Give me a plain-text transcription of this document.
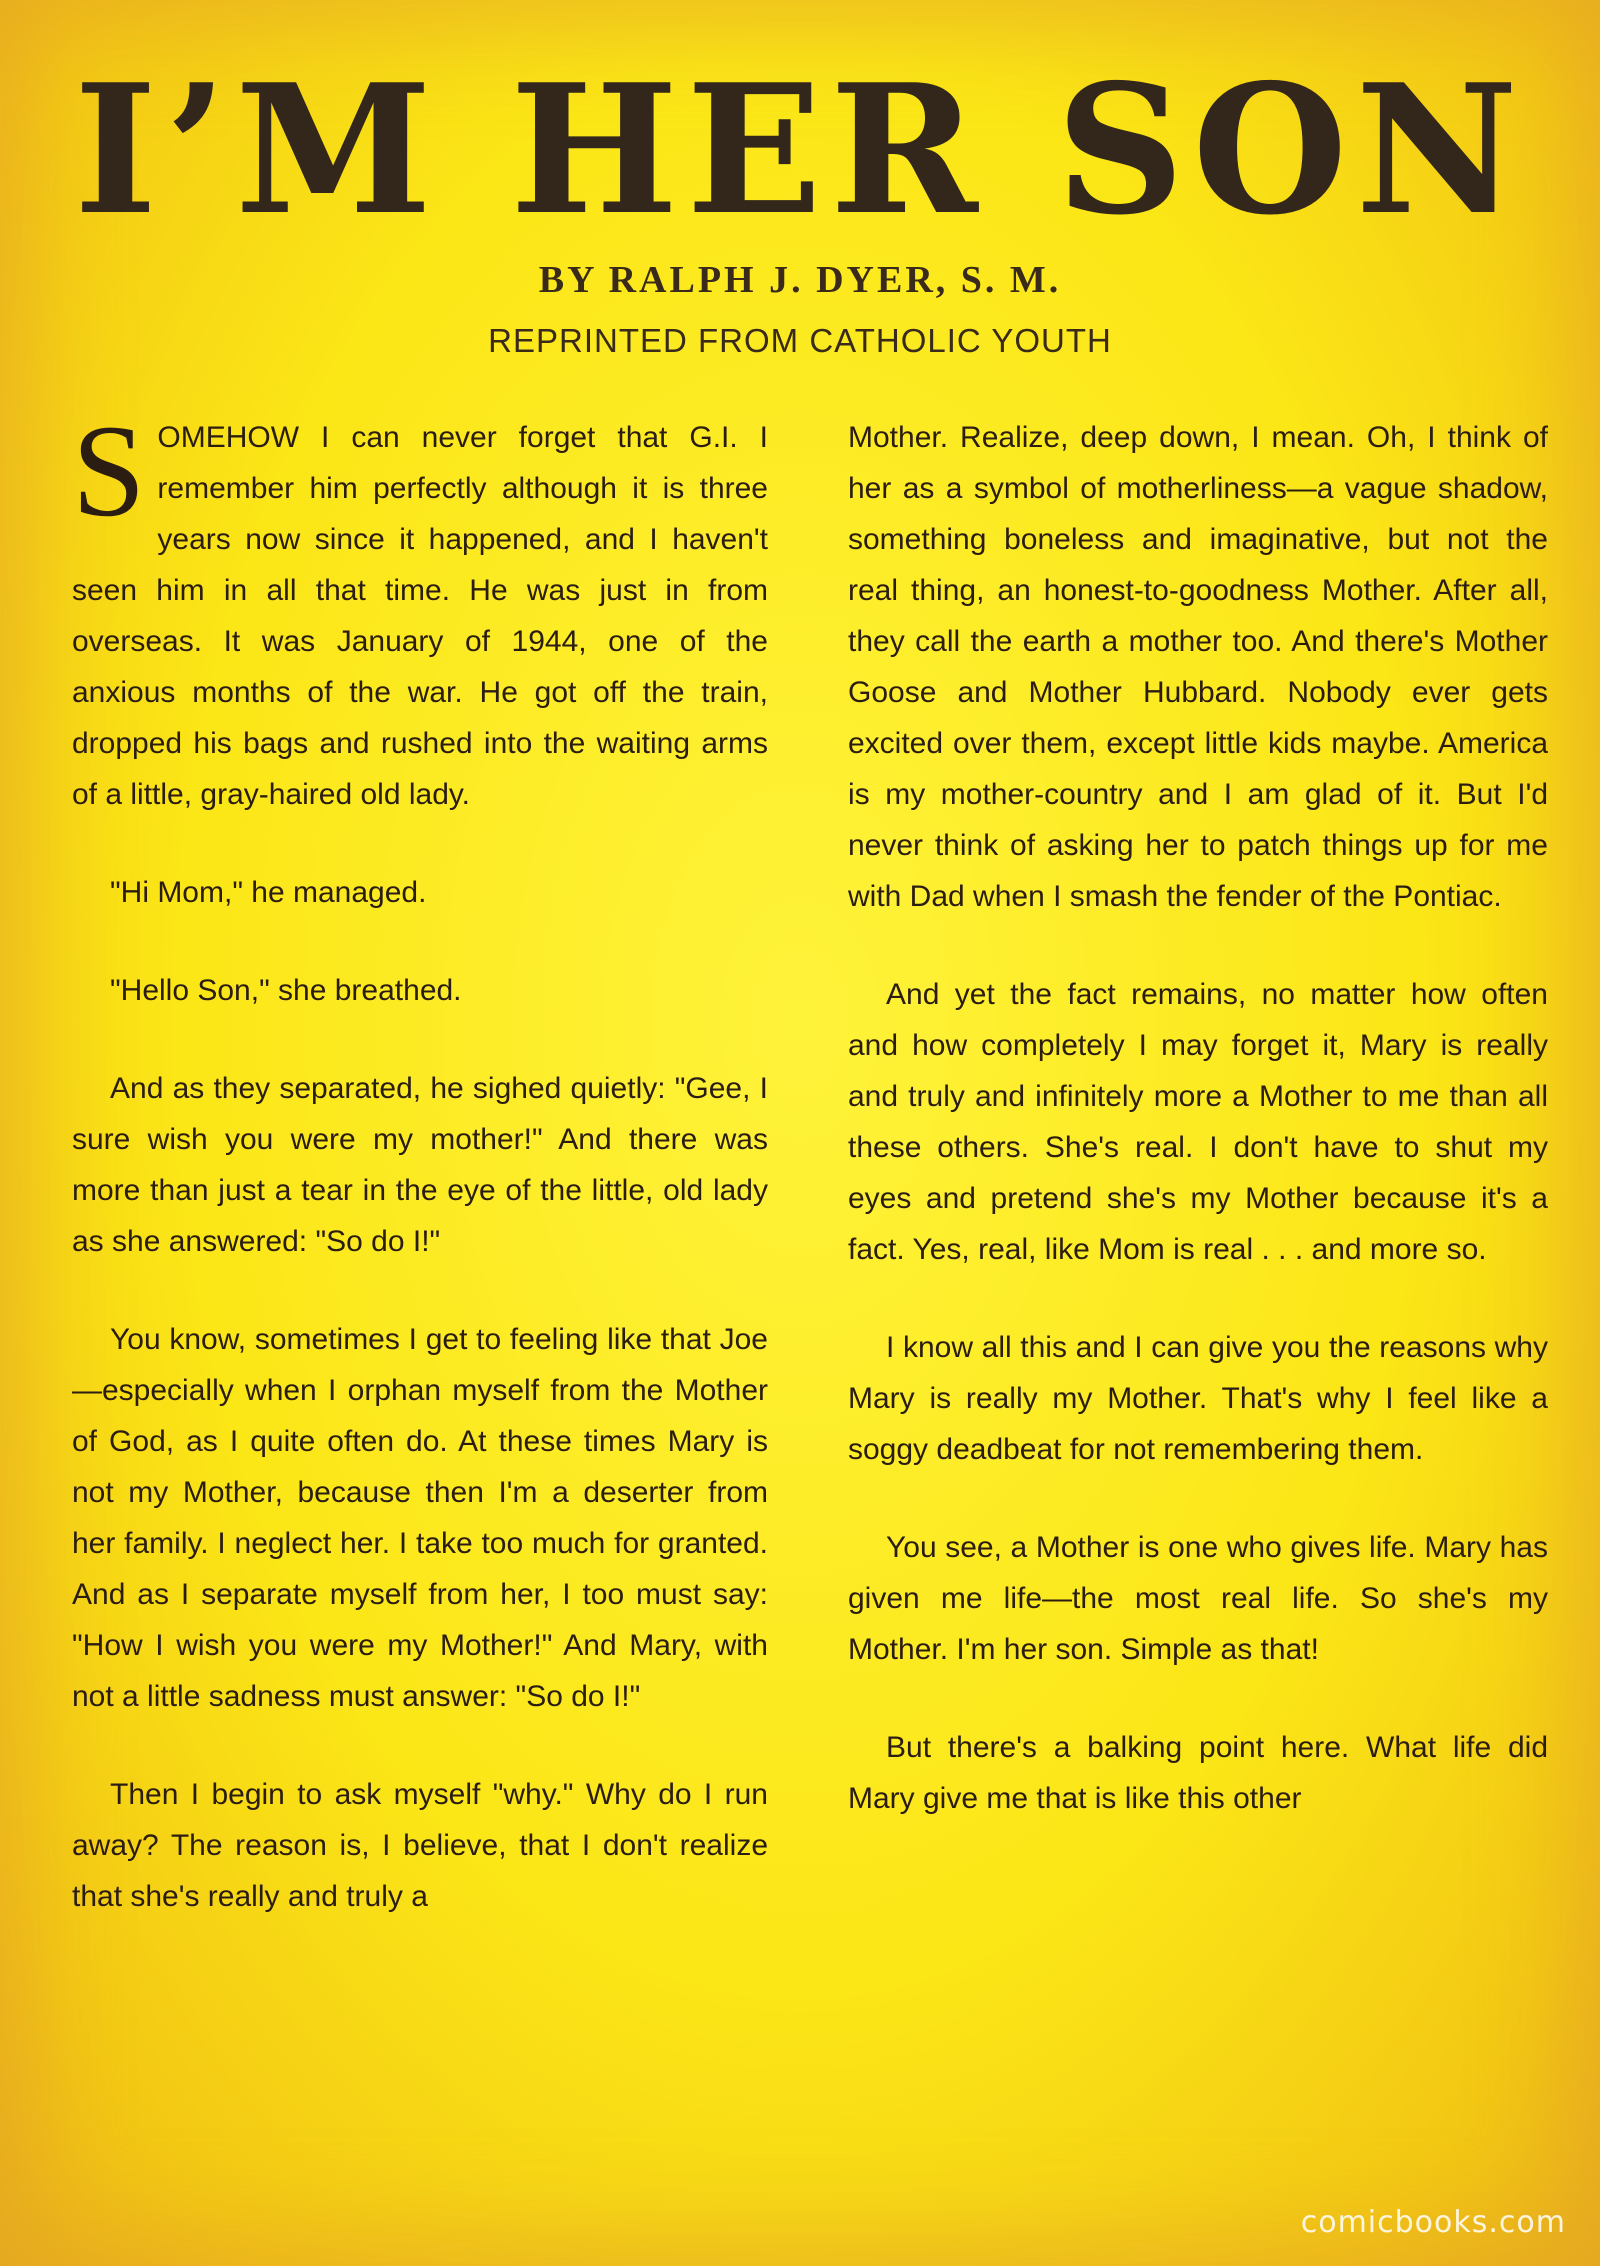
I’M HER SON
BY RALPH J. DYER, S. M.
REPRINTED FROM CATHOLIC YOUTH

SOMEHOW I can never forget that G.I. I remember him perfectly although it is three years now since it happened, and I haven't seen him in all that time. He was just in from overseas. It was January of 1944, one of the anxious months of the war. He got off the train, dropped his bags and rushed into the waiting arms of a little, gray-haired old lady.

"Hi Mom," he managed.

"Hello Son," she breathed.

And as they separated, he sighed quietly: "Gee, I sure wish you were my mother!" And there was more than just a tear in the eye of the little, old lady as she answered: "So do I!"

You know, sometimes I get to feeling like that Joe—especially when I orphan myself from the Mother of God, as I quite often do. At these times Mary is not my Mother, because then I'm a deserter from her family. I neglect her. I take too much for granted. And as I separate myself from her, I too must say: "How I wish you were my Mother!" And Mary, with not a little sadness must answer: "So do I!"

Then I begin to ask myself "why." Why do I run away? The reason is, I believe, that I don't realize that she's really and truly a

Mother. Realize, deep down, I mean. Oh, I think of her as a symbol of motherliness—a vague shadow, something boneless and imaginative, but not the real thing, an honest-to-goodness Mother. After all, they call the earth a mother too. And there's Mother Goose and Mother Hubbard. Nobody ever gets excited over them, except little kids maybe. America is my mother-country and I am glad of it. But I'd never think of asking her to patch things up for me with Dad when I smash the fender of the Pontiac.

And yet the fact remains, no matter how often and how completely I may forget it, Mary is really and truly and infinitely more a Mother to me than all these others. She's real. I don't have to shut my eyes and pretend she's my Mother because it's a fact. Yes, real, like Mom is real . . . and more so.

I know all this and I can give you the reasons why Mary is really my Mother. That's why I feel like a soggy deadbeat for not remembering them.

You see, a Mother is one who gives life. Mary has given me life—the most real life. So she's my Mother. I'm her son. Simple as that!

But there's a balking point here. What life did Mary give me that is like this other

comicbooks.com
